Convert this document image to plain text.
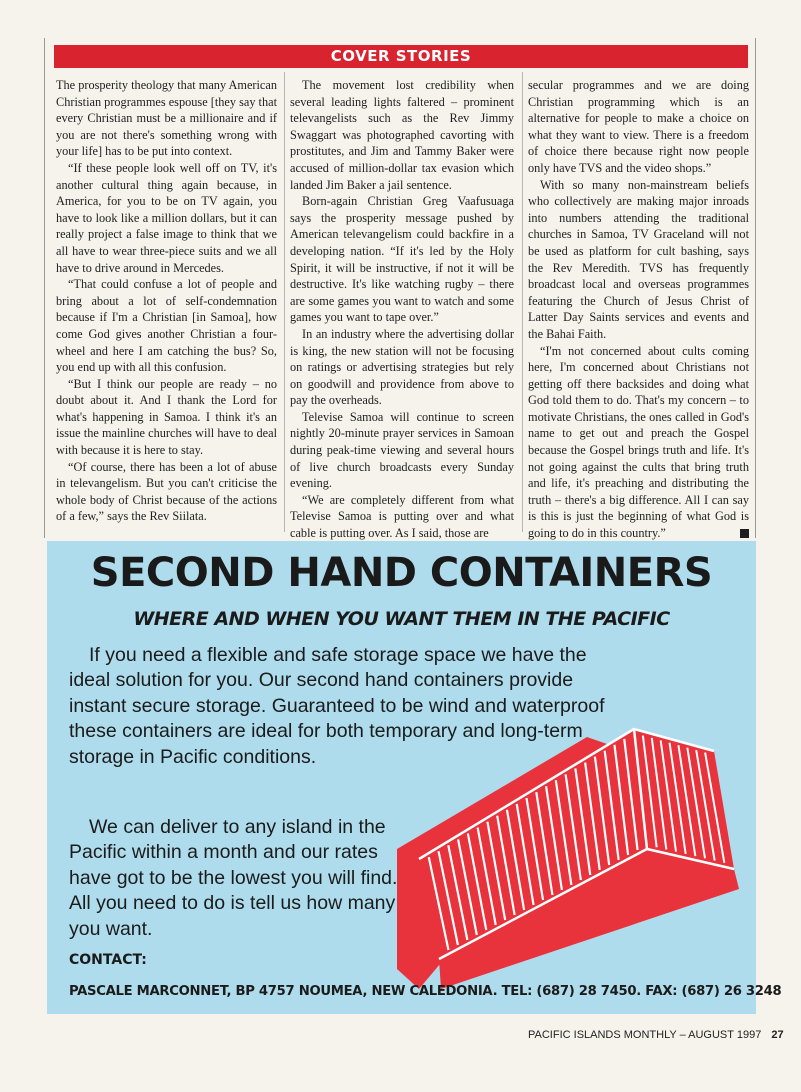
COVER STORIES

The prosperity theology that many American Christian programmes espouse [they say that every Christian must be a millionaire and if you are not there's something wrong with your life] has to be put into context.

“If these people look well off on TV, it's another cultural thing again because, in America, for you to be on TV again, you have to look like a million dollars, but it can really project a false image to think that we all have to wear three-piece suits and we all have to drive around in Mercedes.

“That could confuse a lot of people and bring about a lot of self-condemnation because if I'm a Christian [in Samoa], how come God gives another Christian a four-wheel and here I am catching the bus? So, you end up with all this confusion.

“But I think our people are ready – no doubt about it. And I thank the Lord for what's happening in Samoa. I think it's an issue the mainline churches will have to deal with because it is here to stay.

“Of course, there has been a lot of abuse in televangelism. But you can't criticise the whole body of Christ because of the actions of a few,” says the Rev Siilata.

The movement lost credibility when several leading lights faltered – prominent televangelists such as the Rev Jimmy Swaggart was photographed cavorting with prostitutes, and Jim and Tammy Baker were accused of million-dollar tax evasion which landed Jim Baker a jail sentence.

Born-again Christian Greg Vaafusuaga says the prosperity message pushed by American televangelism could backfire in a developing nation. “If it's led by the Holy Spirit, it will be instructive, if not it will be destructive. It's like watching rugby – there are some games you want to watch and some games you want to tape over.”

In an industry where the advertising dollar is king, the new station will not be focusing on ratings or advertising strategies but rely on goodwill and providence from above to pay the overheads.

Televise Samoa will continue to screen nightly 20-minute prayer services in Samoan during peak-time viewing and several hours of live church broadcasts every Sunday evening.

“We are completely different from what Televise Samoa is putting over and what cable is putting over. As I said, those are

secular programmes and we are doing Christian programming which is an alternative for people to make a choice on what they want to view. There is a freedom of choice there because right now people only have TVS and the video shops.”

With so many non-mainstream beliefs who collectively are making major inroads into numbers attending the traditional churches in Samoa, TV Graceland will not be used as platform for cult bashing, says the Rev Meredith. TVS has frequently broadcast local and overseas programmes featuring the Church of Jesus Christ of Latter Day Saints services and events and the Bahai Faith.

“I'm not concerned about cults coming here, I'm concerned about Christians not getting off there backsides and doing what God told them to do. That's my concern – to motivate Christians, the ones called in God's name to get out and preach the Gospel because the Gospel brings truth and life. It's not going against the cults that bring truth and life, it's preaching and distributing the truth – there's a big difference. All I can say is this is just the beginning of what God is going to do in this country.”

SECOND HAND CONTAINERS
WHERE AND WHEN YOU WANT THEM IN THE PACIFIC
If you need a flexible and safe storage space we have the ideal solution for you. Our second hand containers provide instant secure storage. Guaranteed to be wind and waterproof these containers are ideal for both temporary and long-term storage in Pacific conditions.
We can deliver to any island in the Pacific within a month and our rates have got to be the lowest you will find. All you need to do is tell us how many you want.
CONTACT:
PASCALE MARCONNET, BP 4757 NOUMEA, NEW CALEDONIA. TEL: (687) 28 7450. FAX: (687) 26 3248
PACIFIC ISLANDS MONTHLY – AUGUST 1997 27
